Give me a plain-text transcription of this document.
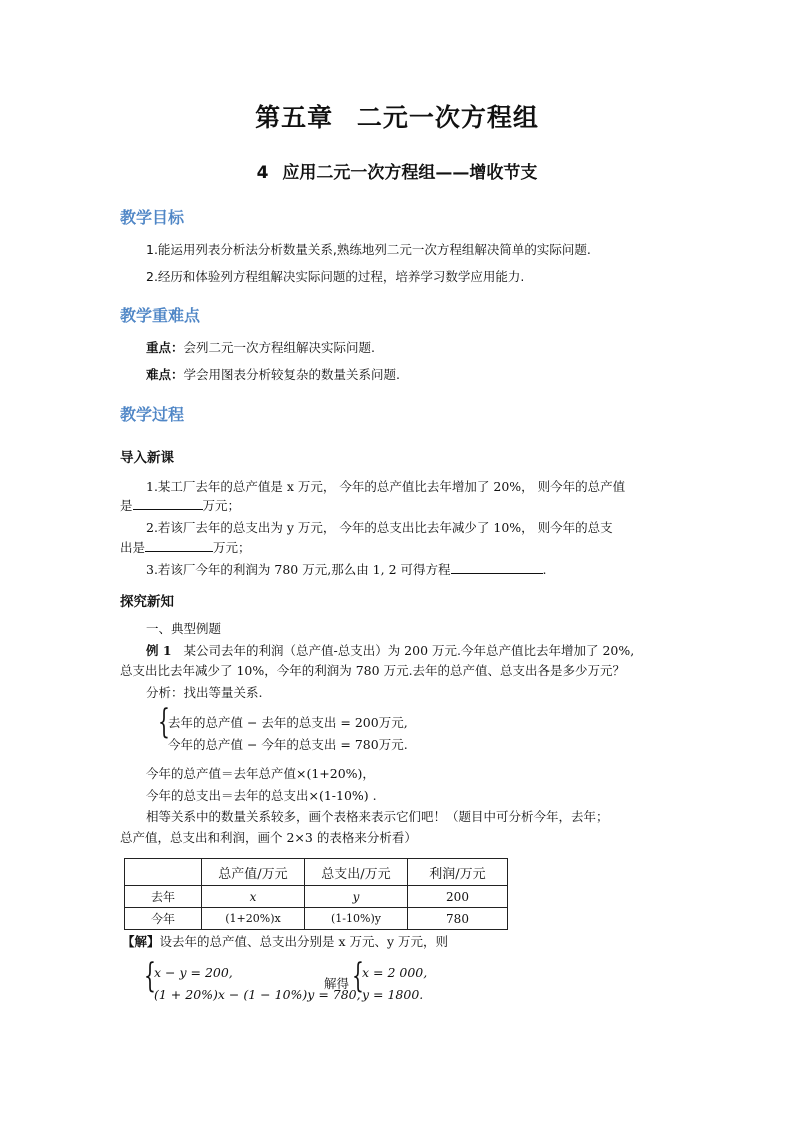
第五章 二元一次方程组
4 应用二元一次方程组——增收节支
教学目标
1.能运用列表分析法分析数量关系,熟练地列二元一次方程组解决简单的实际问题.
2.经历和体验列方程组解决实际问题的过程，培养学习数学应用能力.
教学重难点
重点：会列二元一次方程组解决实际问题.
难点：学会用图表分析较复杂的数量关系问题.
教学过程
导入新课
1.某工厂去年的总产值是 x 万元， 今年的总产值比去年增加了 20%， 则今年的总产值
是	万元；
2.若该厂去年的总支出为 y 万元， 今年的总支出比去年减少了 10%， 则今年的总支
出是	万元；
3.若该厂今年的利润为 780 万元,那么由 1, 2 可得方程	.
探究新知
一、典型例题
例 1 某公司去年的利润（总产值-总支出）为 200 万元.今年总产值比去年增加了 20%,
总支出比去年减少了 10%，今年的利润为 780 万元.去年的总产值、总支出各是多少万元？
分析：找出等量关系.
{
去年的总产值 − 去年的总支出 = 200万元,
今年的总产值 − 今年的总支出 = 780万元.
今年的总产值＝去年总产值×(1+20%)，
今年的总支出＝去年的总支出×(1-10%) .
相等关系中的数量关系较多，画个表格来表示它们吧！（题目中可分析今年，去年；
总产值，总支出和利润，画个 2×3 的表格来分析看）
	总产值/万元	总支出/万元	利润/万元
去年	x	y	200
今年	(1+20%)x	(1-10%)y	780
【解】设去年的总产值、总支出分别是 x 万元、y 万元，则
{
x − y = 200,
(1 + 20%)x − (1 − 10%)y = 780,
解得 {
x = 2 000,
y = 1800.
